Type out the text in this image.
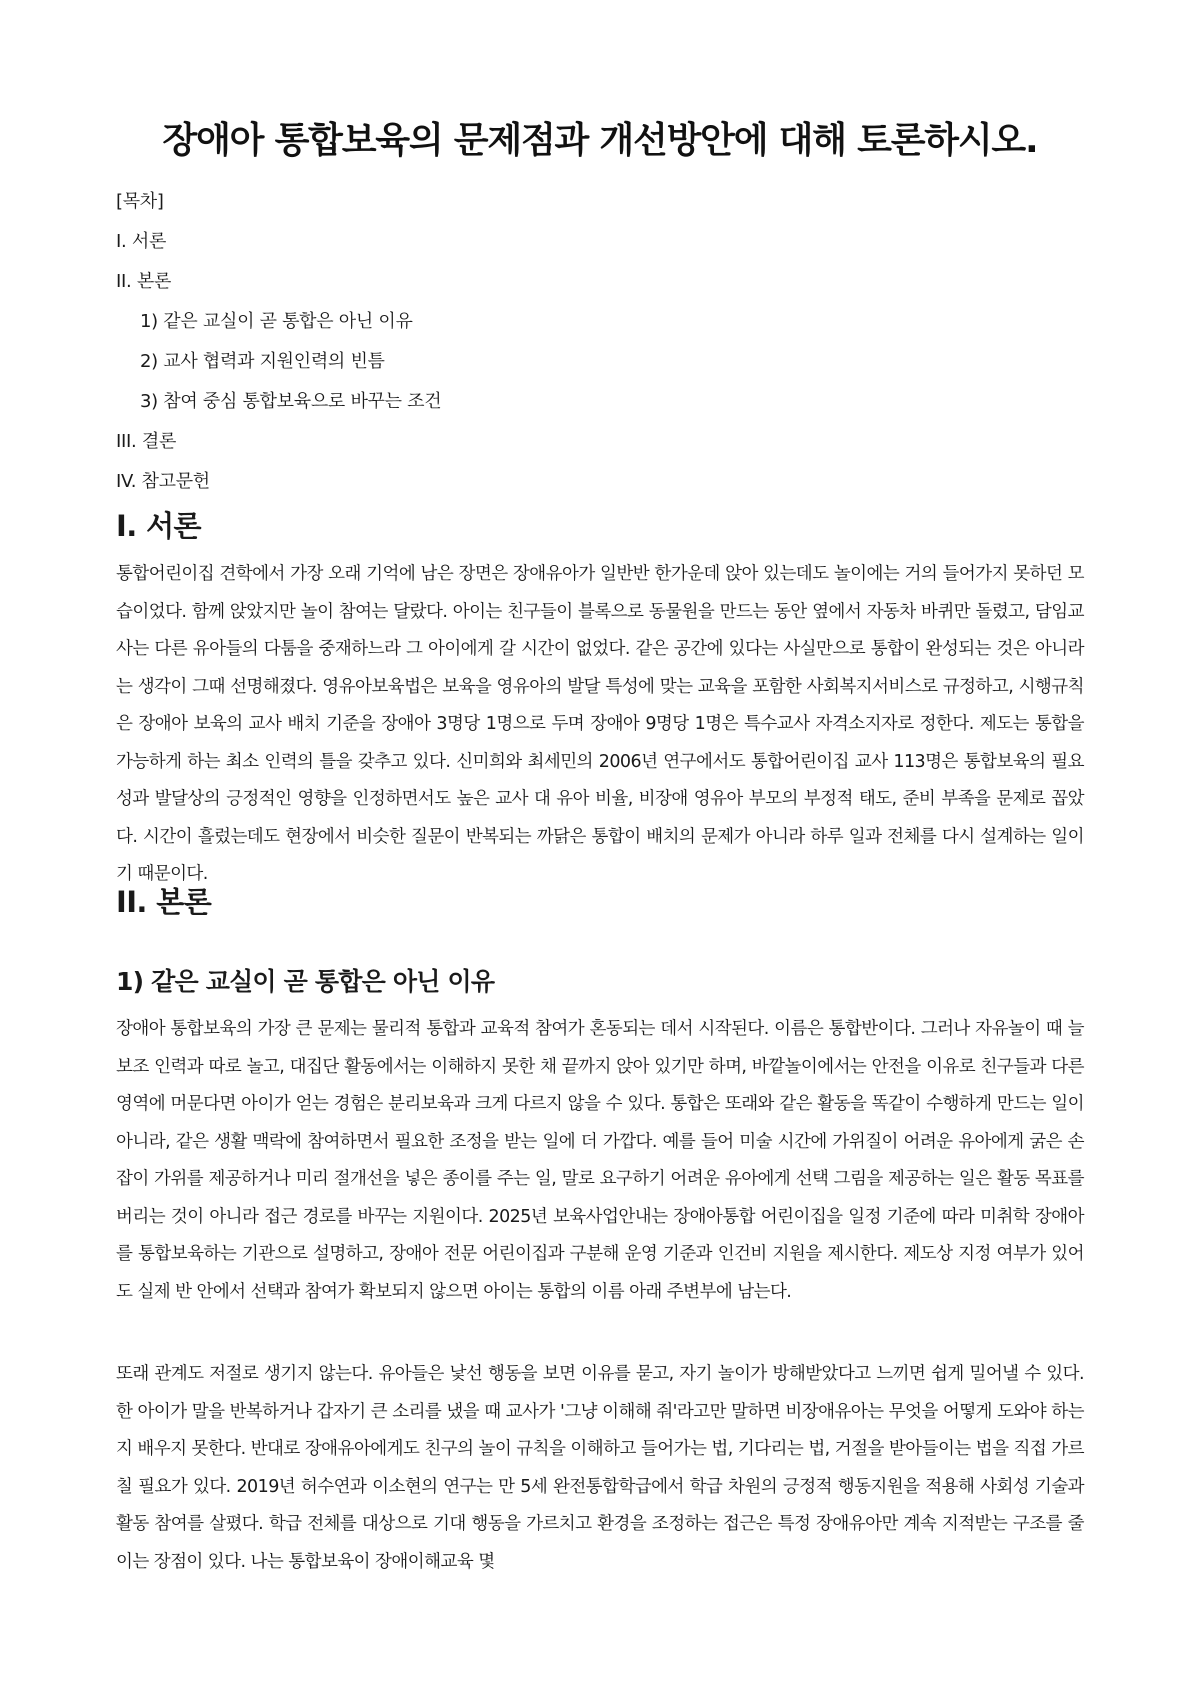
장애아 통합보육의 문제점과 개선방안에 대해 토론하시오.
[목차]
I. 서론
II. 본론
1) 같은 교실이 곧 통합은 아닌 이유
2) 교사 협력과 지원인력의 빈틈
3) 참여 중심 통합보육으로 바꾸는 조건
III. 결론
IV. 참고문헌
I. 서론

통합어린이집 견학에서 가장 오래 기억에 남은 장면은 장애유아가 일반반 한가운데 앉아 있는데도 놀이에는 거의 들어가지 못하던 모습이었다. 함께 앉았지만 놀이 참여는 달랐다. 아이는 친구들이 블록으로 동물원을 만드는 동안 옆에서 자동차 바퀴만 돌렸고, 담임교사는 다른 유아들의 다툼을 중재하느라 그 아이에게 갈 시간이 없었다. 같은 공간에 있다는 사실만으로 통합이 완성되는 것은 아니라는 생각이 그때 선명해졌다. 영유아보육법은 보육을 영유아의 발달 특성에 맞는 교육을 포함한 사회복지서비스로 규정하고, 시행규칙은 장애아 보육의 교사 배치 기준을 장애아 3명당 1명으로 두며 장애아 9명당 1명은 특수교사 자격소지자로 정한다. 제도는 통합을 가능하게 하는 최소 인력의 틀을 갖추고 있다. 신미희와 최세민의 2006년 연구에서도 통합어린이집 교사 113명은 통합보육의 필요성과 발달상의 긍정적인 영향을 인정하면서도 높은 교사 대 유아 비율, 비장애 영유아 부모의 부정적 태도, 준비 부족을 문제로 꼽았다. 시간이 흘렀는데도 현장에서 비슷한 질문이 반복되는 까닭은 통합이 배치의 문제가 아니라 하루 일과 전체를 다시 설계하는 일이기 때문이다.

II. 본론
1) 같은 교실이 곧 통합은 아닌 이유

장애아 통합보육의 가장 큰 문제는 물리적 통합과 교육적 참여가 혼동되는 데서 시작된다. 이름은 통합반이다. 그러나 자유놀이 때 늘 보조 인력과 따로 놀고, 대집단 활동에서는 이해하지 못한 채 끝까지 앉아 있기만 하며, 바깥놀이에서는 안전을 이유로 친구들과 다른 영역에 머문다면 아이가 얻는 경험은 분리보육과 크게 다르지 않을 수 있다. 통합은 또래와 같은 활동을 똑같이 수행하게 만드는 일이 아니라, 같은 생활 맥락에 참여하면서 필요한 조정을 받는 일에 더 가깝다. 예를 들어 미술 시간에 가위질이 어려운 유아에게 굵은 손잡이 가위를 제공하거나 미리 절개선을 넣은 종이를 주는 일, 말로 요구하기 어려운 유아에게 선택 그림을 제공하는 일은 활동 목표를 버리는 것이 아니라 접근 경로를 바꾸는 지원이다. 2025년 보육사업안내는 장애아통합 어린이집을 일정 기준에 따라 미취학 장애아를 통합보육하는 기관으로 설명하고, 장애아 전문 어린이집과 구분해 운영 기준과 인건비 지원을 제시한다. 제도상 지정 여부가 있어도 실제 반 안에서 선택과 참여가 확보되지 않으면 아이는 통합의 이름 아래 주변부에 남는다.

또래 관계도 저절로 생기지 않는다. 유아들은 낯선 행동을 보면 이유를 묻고, 자기 놀이가 방해받았다고 느끼면 쉽게 밀어낼 수 있다. 한 아이가 말을 반복하거나 갑자기 큰 소리를 냈을 때 교사가 '그냥 이해해 줘'라고만 말하면 비장애유아는 무엇을 어떻게 도와야 하는지 배우지 못한다. 반대로 장애유아에게도 친구의 놀이 규칙을 이해하고 들어가는 법, 기다리는 법, 거절을 받아들이는 법을 직접 가르칠 필요가 있다. 2019년 허수연과 이소현의 연구는 만 5세 완전통합학급에서 학급 차원의 긍정적 행동지원을 적용해 사회성 기술과 활동 참여를 살폈다. 학급 전체를 대상으로 기대 행동을 가르치고 환경을 조정하는 접근은 특정 장애유아만 계속 지적받는 구조를 줄이는 장점이 있다. 나는 통합보육이 장애이해교육 몇
